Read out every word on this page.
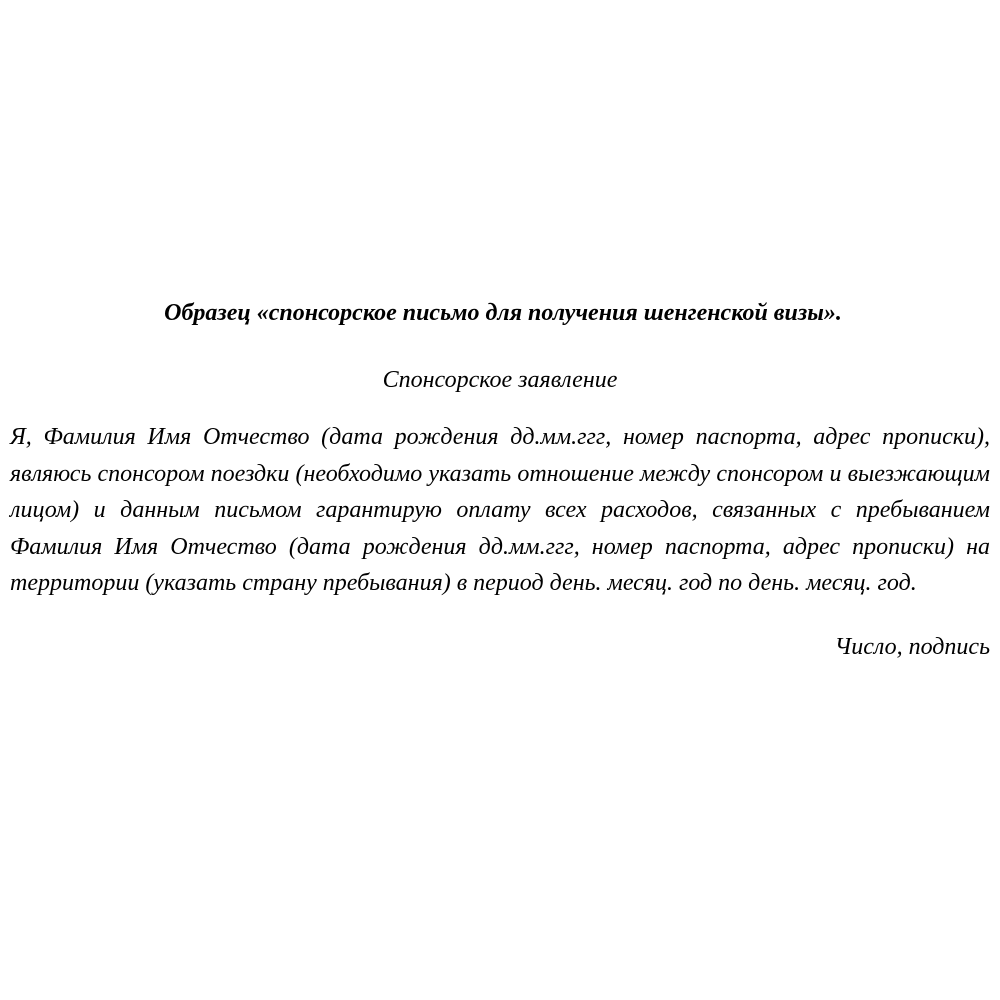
Образец «спонсорское письмо для получения шенгенской визы».

Спонсорское заявление

Я, Фамилия Имя Отчество (дата рождения дд.мм.ггг, номер паспорта, адрес прописки), являюсь спонсором поездки (необходимо указать отношение между спонсором и выезжающим лицом) и данным письмом гарантирую оплату всех расходов, связанных с пребыванием Фамилия Имя Отчество (дата рождения дд.мм.ггг, номер паспорта, адрес прописки) на территории (указать страну пребывания) в период день. месяц. год по день. месяц. год.

Число, подпись
